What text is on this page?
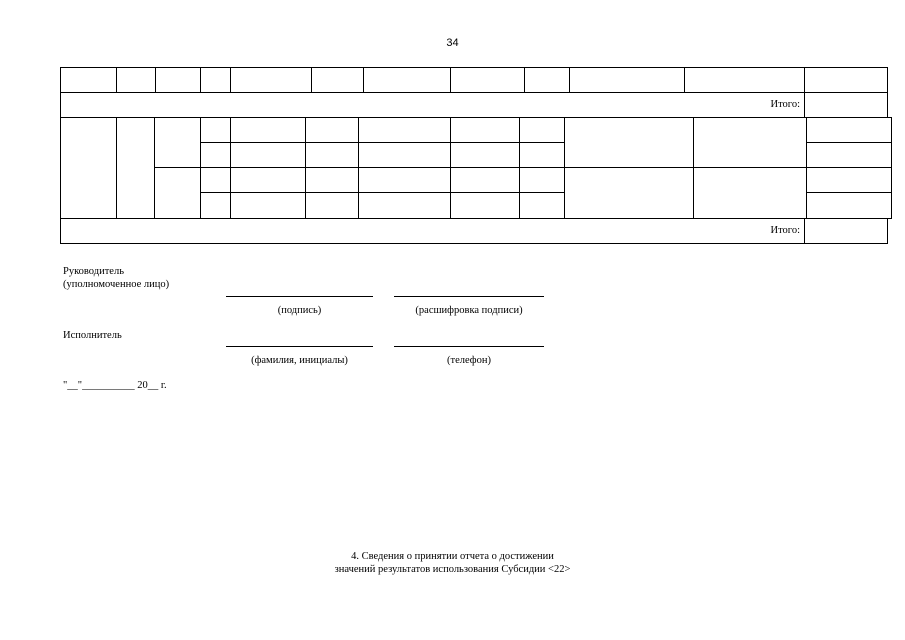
34
Итого:
Итого:
Руководитель
(уполномоченное лицо)
(подпись)	(расшифровка подписи)
Исполнитель
(фамилия, инициалы)	(телефон)
"__"__________ 20__ г.
4. Сведения о принятии отчета о достижении
значений результатов использования Субсидии <22>
